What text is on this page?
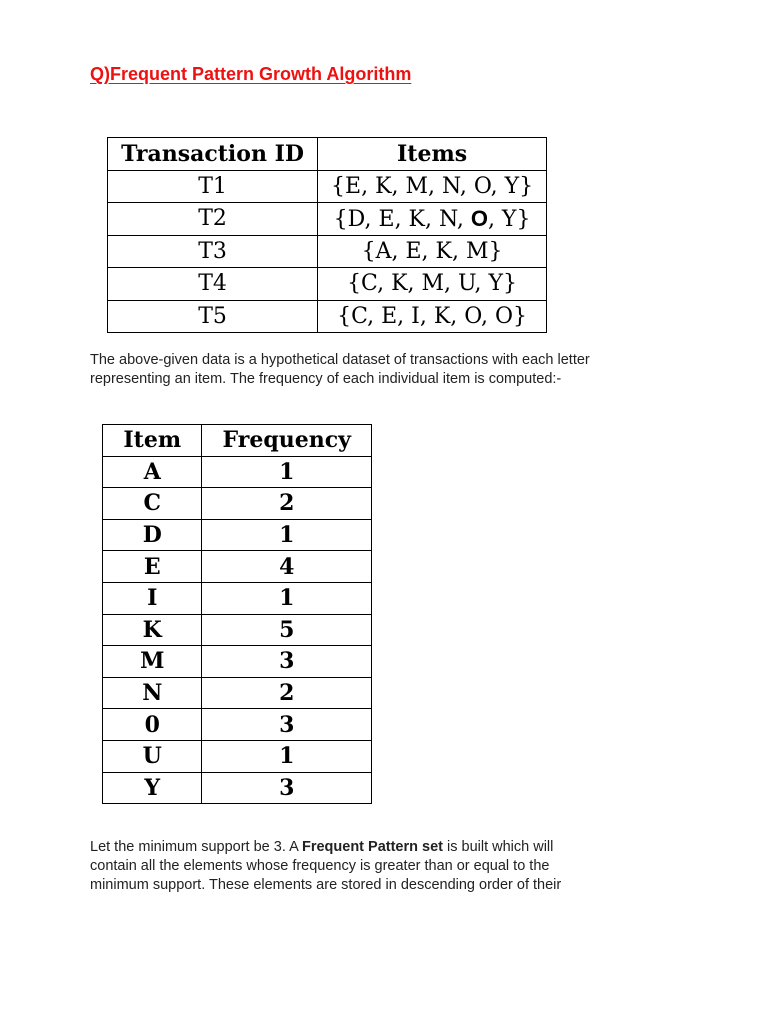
Q)Frequent Pattern Growth Algorithm
Transaction ID	Items
T1	{E, K, M, N, O, Y}
T2	{D, E, K, N, O, Y}
T3	{A, E, K, M}
T4	{C, K, M, U, Y}
T5	{C, E, I, K, O, O}
The above-given data is a hypothetical dataset of transactions with each letter
representing an item. The frequency of each individual item is computed:-
Item	Frequency
A	1
C	2
D	1
E	4
I	1
K	5
M	3
N	2
0	3
U	1
Y	3
Let the minimum support be 3. A Frequent Pattern set is built which will
contain all the elements whose frequency is greater than or equal to the
minimum support. These elements are stored in descending order of their
